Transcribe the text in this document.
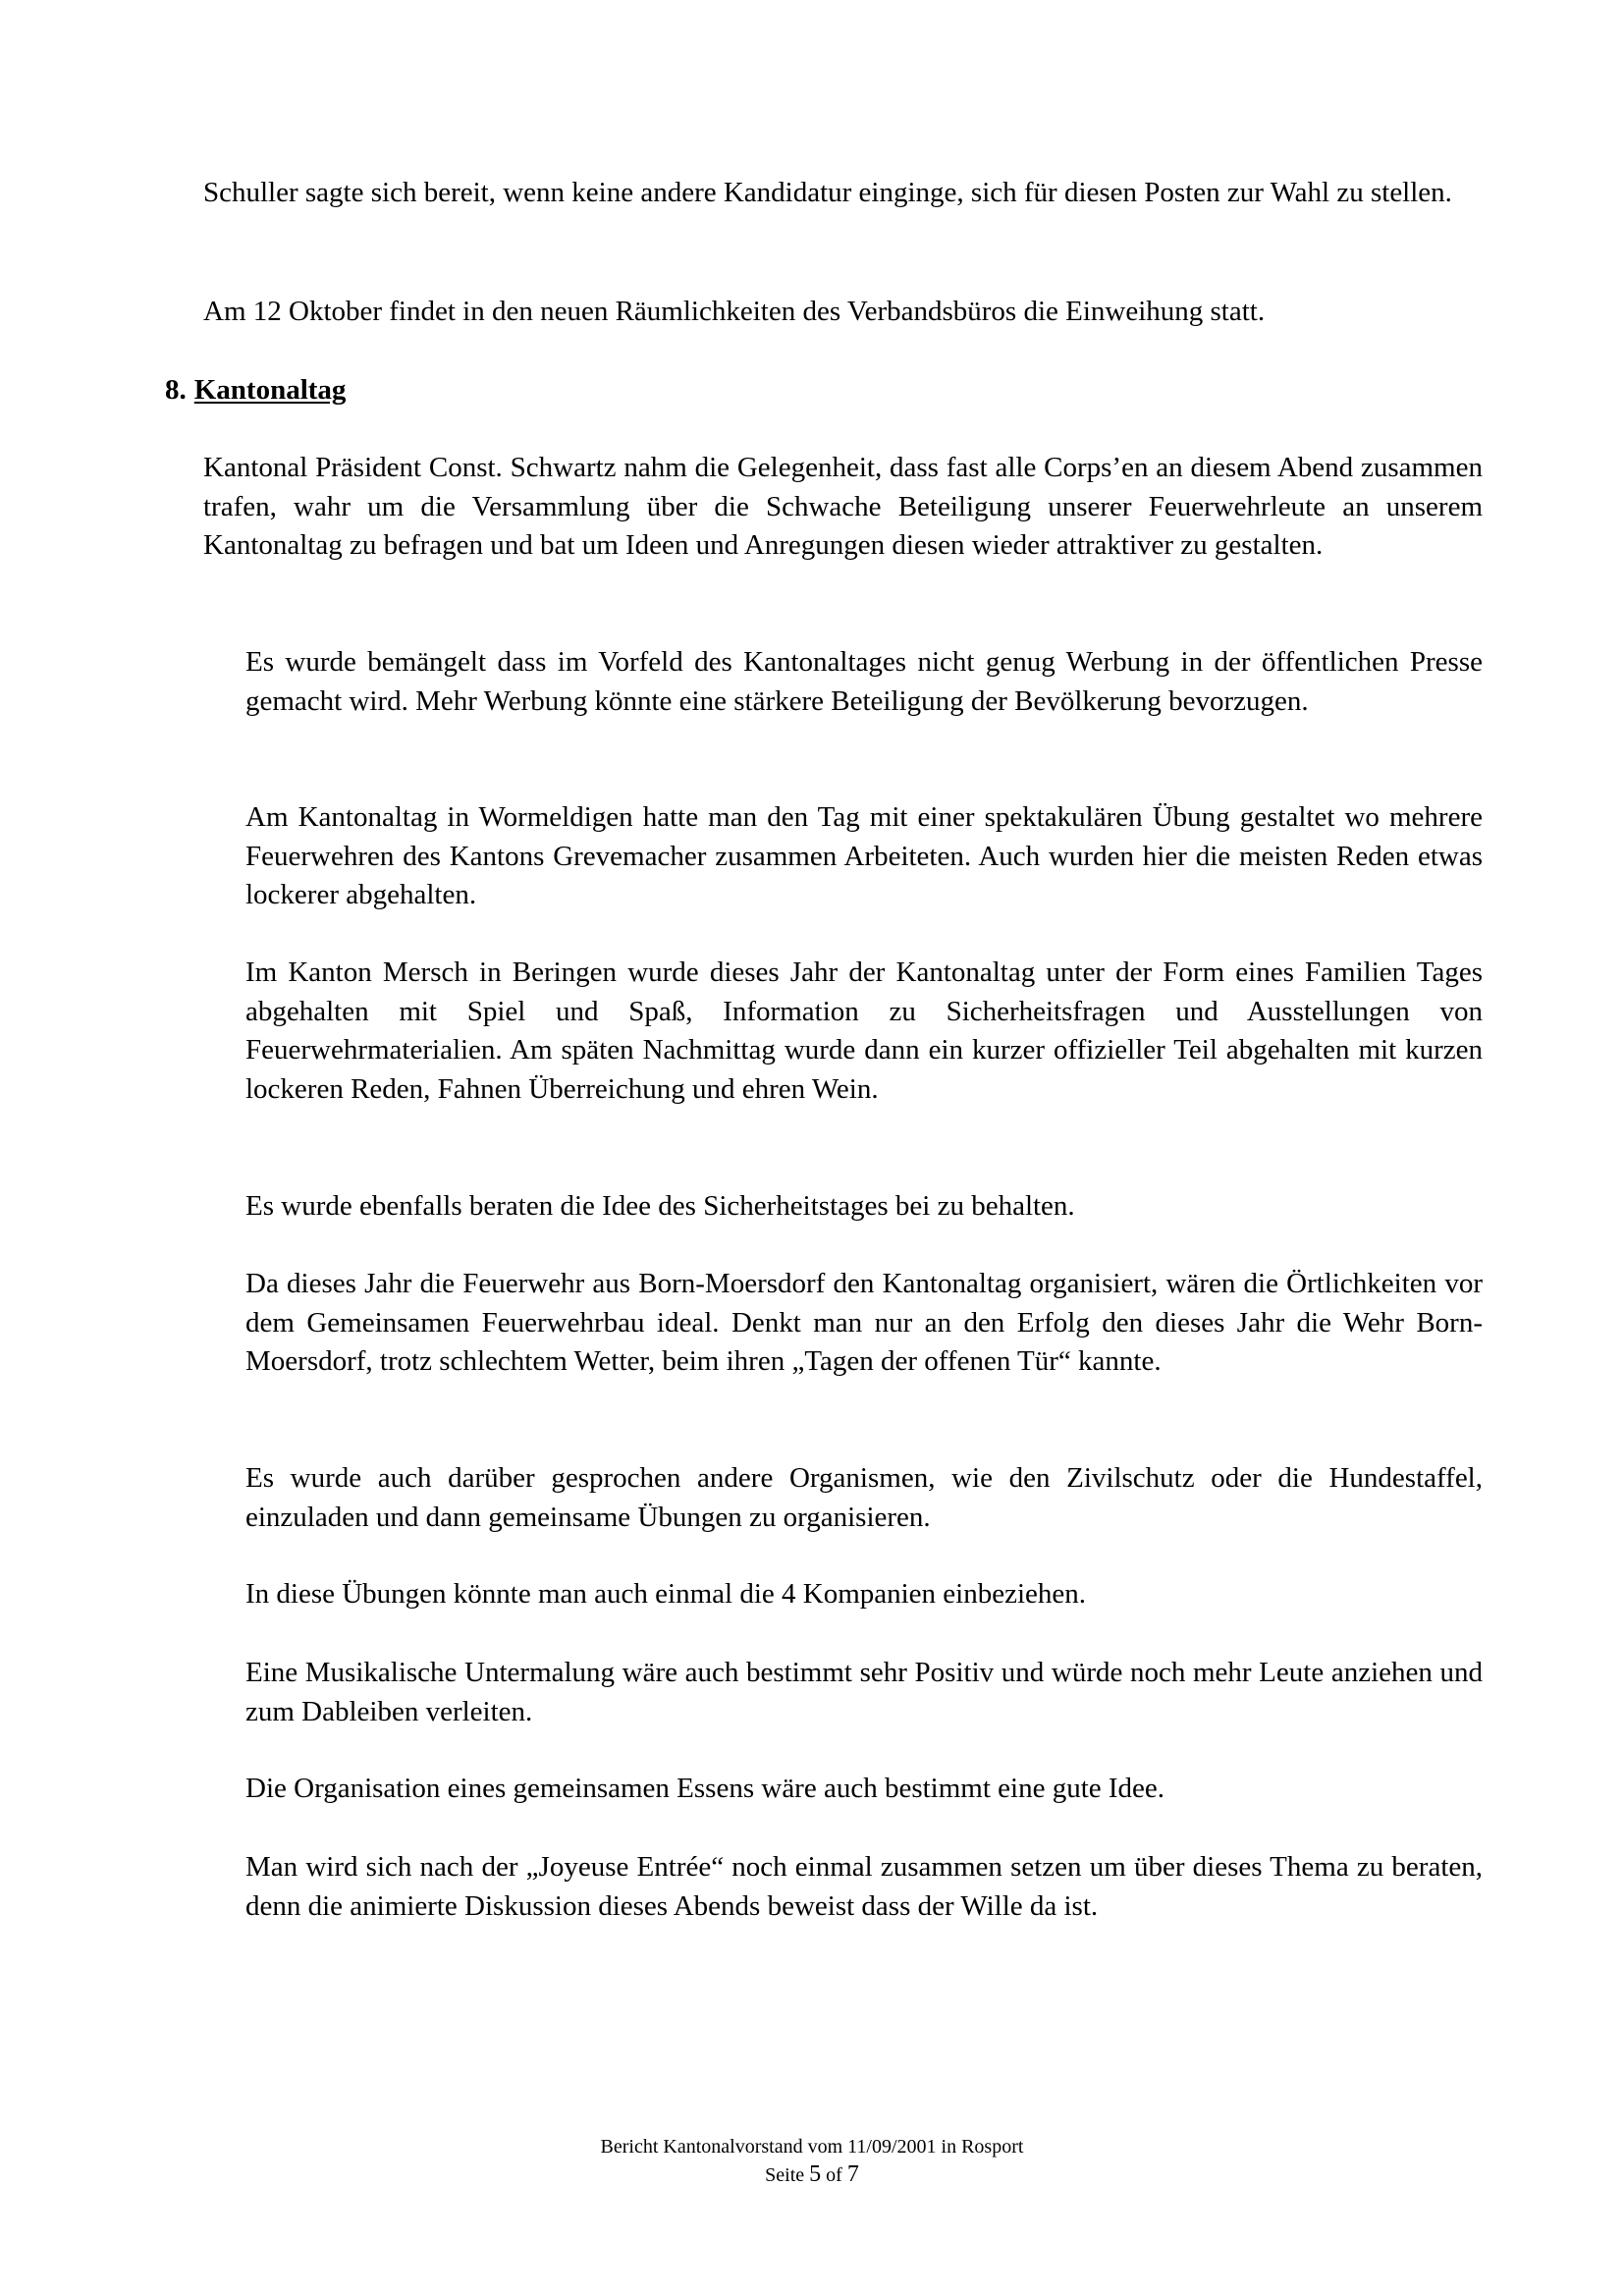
Schuller sagte sich bereit, wenn keine andere Kandidatur einginge, sich für diesen Posten zur Wahl zu stellen.

Am 12 Oktober findet in den neuen Räumlichkeiten des Verbandsbüros die Einweihung statt.

8. Kantonaltag

Kantonal Präsident Const. Schwartz nahm die Gelegenheit, dass fast alle Corps’en an diesem Abend zusammen trafen, wahr um die Versammlung über die Schwache Beteiligung unserer Feuerwehrleute an unserem Kantonaltag zu befragen und bat um Ideen und Anregungen diesen wieder attraktiver zu gestalten.

Es wurde bemängelt dass im Vorfeld des Kantonaltages nicht genug Werbung in der öffentlichen Presse gemacht wird. Mehr Werbung könnte eine stärkere Beteiligung der Bevölkerung bevorzugen.

Am Kantonaltag in Wormeldigen hatte man den Tag mit einer spektakulären Übung gestaltet wo mehrere Feuerwehren des Kantons Grevemacher zusammen Arbeiteten. Auch wurden hier die meisten Reden etwas lockerer abgehalten.

Im Kanton Mersch in Beringen wurde dieses Jahr der Kantonaltag unter der Form eines Familien Tages abgehalten mit Spiel und Spaß, Information zu Sicherheitsfragen und Ausstellungen von Feuerwehrmaterialien. Am späten Nachmittag wurde dann ein kurzer offizieller Teil abgehalten mit kurzen lockeren Reden, Fahnen Überreichung und ehren Wein.

Es wurde ebenfalls beraten die Idee des Sicherheitstages bei zu behalten.

Da dieses Jahr die Feuerwehr aus Born-Moersdorf den Kantonaltag organisiert, wären die Örtlichkeiten vor dem Gemeinsamen Feuerwehrbau ideal. Denkt man nur an den Erfolg den dieses Jahr die Wehr Born-Moersdorf, trotz schlechtem Wetter, beim ihren „Tagen der offenen Tür“ kannte.

Es wurde auch darüber gesprochen andere Organismen, wie den Zivilschutz oder die Hundestaffel, einzuladen und dann gemeinsame Übungen zu organisieren.

In diese Übungen könnte man auch einmal die 4 Kompanien einbeziehen.

Eine Musikalische Untermalung wäre auch bestimmt sehr Positiv und würde noch mehr Leute anziehen und zum Dableiben verleiten.

Die Organisation eines gemeinsamen Essens wäre auch bestimmt eine gute Idee.

Man wird sich nach der „Joyeuse Entrée“ noch einmal zusammen setzen um über dieses Thema zu beraten, denn die animierte Diskussion dieses Abends beweist dass der Wille da ist.

Bericht Kantonalvorstand vom 11/09/2001 in Rosport
Seite 5 of 7
